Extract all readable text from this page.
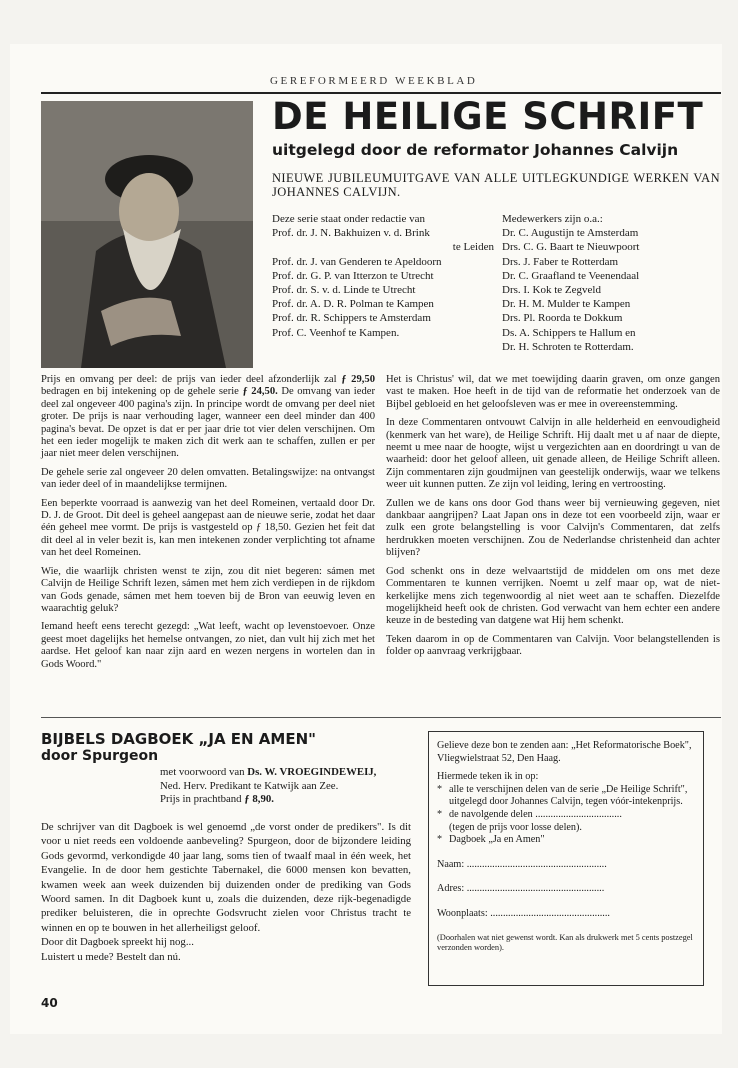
GEREFORMEERD WEEKBLAD
DE HEILIGE SCHRIFT
uitgelegd door de reformator Johannes Calvijn
NIEUWE JUBILEUMUITGAVE VAN ALLE UITLEGKUNDIGE WERKEN VAN JOHANNES CALVIJN.
Deze serie staat onder redactie van
Prof. dr. J. N. Bakhuizen v. d. Brink
te Leiden
Prof. dr. J. van Genderen te Apeldoorn
Prof. dr. G. P. van Itterzon te Utrecht
Prof. dr. S. v. d. Linde te Utrecht
Prof. dr. A. D. R. Polman te Kampen
Prof. dr. R. Schippers te Amsterdam
Prof. C. Veenhof te Kampen.
Medewerkers zijn o.a.:
Dr. C. Augustijn te Amsterdam
Drs. C. G. Baart te Nieuwpoort
Drs. J. Faber te Rotterdam
Dr. C. Graafland te Veenendaal
Drs. I. Kok te Zegveld
Dr. H. M. Mulder te Kampen
Drs. Pl. Roorda te Dokkum
Ds. A. Schippers te Hallum en
Dr. H. Schroten te Rotterdam.

Prijs en omvang per deel: de prijs van ieder deel afzonderlijk zal ƒ 29,50 bedragen en bij intekening op de gehele serie ƒ 24,50. De omvang van ieder deel zal ongeveer 400 pagina's zijn. In principe wordt de omvang per deel niet groter. De prijs is naar verhouding lager, wanneer een deel minder dan 400 pagina's bevat. De opzet is dat er per jaar drie tot vier delen verschijnen. Om het een ieder mogelijk te maken zich dit werk aan te schaffen, zullen er per jaar niet meer delen verschijnen.

De gehele serie zal ongeveer 20 delen omvatten. Betalingswijze: na ontvangst van ieder deel of in maandelijkse termijnen.

Een beperkte voorraad is aanwezig van het deel Romeinen, vertaald door Dr. D. J. de Groot. Dit deel is geheel aangepast aan de nieuwe serie, zodat het daar één geheel mee vormt. De prijs is vastgesteld op ƒ 18,50. Gezien het feit dat dit deel al in veler bezit is, kan men intekenen zonder verplichting tot afname van het deel Romeinen.

Wie, die waarlijk christen wenst te zijn, zou dit niet begeren: sámen met Calvijn de Heilige Schrift lezen, sámen met hem zich verdiepen in de rijkdom van Gods genade, sámen met hem toeven bij de Bron van eeuwig leven en waarachtig geluk?

Iemand heeft eens terecht gezegd: „Wat leeft, wacht op levenstoevoer. Onze geest moet dagelijks het hemelse ontvangen, zo niet, dan vult hij zich met het aardse. Het geloof kan naar zijn aard en wezen nergens in wortelen dan in Gods Woord."

Het is Christus' wil, dat we met toewijding daarin graven, om onze gangen vast te maken. Hoe heeft in de tijd van de reformatie het onderzoek van de Bijbel gebloeid en het geloofsleven was er mee in overeenstemming.

In deze Commentaren ontvouwt Calvijn in alle helderheid en eenvoudigheid (kenmerk van het ware), de Heilige Schrift. Hij daalt met u af naar de diepte, neemt u mee naar de hoogte, wijst u vergezichten aan en doordringt u van de waarheid: door het geloof alleen, uit genade alleen, de Heilige Schrift alleen. Zijn commentaren zijn goudmijnen van geestelijk onderwijs, waar we telkens weer uit kunnen putten. Ze zijn vol leiding, lering en vertroosting.

Zullen we de kans ons door God thans weer bij vernieuwing gegeven, niet dankbaar aangrijpen? Laat Japan ons in deze tot een voorbeeld zijn, waar er zulk een grote belangstelling is voor Calvijn's Commentaren, dat zelfs herdrukken moeten verschijnen. Zou de Nederlandse christenheid dan achter blijven?

God schenkt ons in deze welvaartstijd de middelen om ons met deze Commentaren te kunnen verrijken. Noemt u zelf maar op, wat de niet-kerkelijke mens zich tegenwoordig al niet weet aan te schaffen. Diezelfde mogelijkheid heeft ook de christen. God verwacht van hem echter een andere keuze in de besteding van datgene wat Hij hem schenkt.

Teken daarom in op de Commentaren van Calvijn. Voor belangstellenden is folder op aanvraag verkrijgbaar.

BIJBELS DAGBOEK „JA EN AMEN"
door Spurgeon
met voorwoord van Ds. W. VROEGINDEWEIJ,
Ned. Herv. Predikant te Katwijk aan Zee.
Prijs in prachtband ƒ 8,90.

De schrijver van dit Dagboek is wel genoemd „de vorst onder de predikers". Is dit voor u niet reeds een voldoende aanbeveling? Spurgeon, door de bijzondere leiding Gods gevormd, verkondigde 40 jaar lang, soms tien of twaalf maal in één week, het Evangelie. In de door hem gestichte Tabernakel, die 6000 mensen kon bevatten, kwamen week aan week duizenden bij duizenden onder de prediking van Gods Woord samen. In dit Dagboek kunt u, zoals die duizenden, deze rijk-begenadigde prediker beluisteren, die in oprechte Godsvrucht zielen voor Christus tracht te winnen en op te bouwen in het allerheiligst geloof.

Door dit Dagboek spreekt hij nog...

Luistert u mede? Bestelt dan nú.

Gelieve deze bon te zenden aan: „Het Reformatorische Boek", Vliegwielstraat 52, Den Haag.
Hiermede teken ik in op:
* alle te verschijnen delen van de serie „De Heilige Schrift", uitgelegd door Johannes Calvijn, tegen vóór-intekenprijs.
* de navolgende delen ..................................
(tegen de prijs voor losse delen).
* Dagboek „Ja en Amen"
Naam: .......................................................
Adres: ......................................................
Woonplaats: ...............................................
(Doorhalen wat niet gewenst wordt. Kan als drukwerk met 5 cents postzegel verzonden worden).
40
